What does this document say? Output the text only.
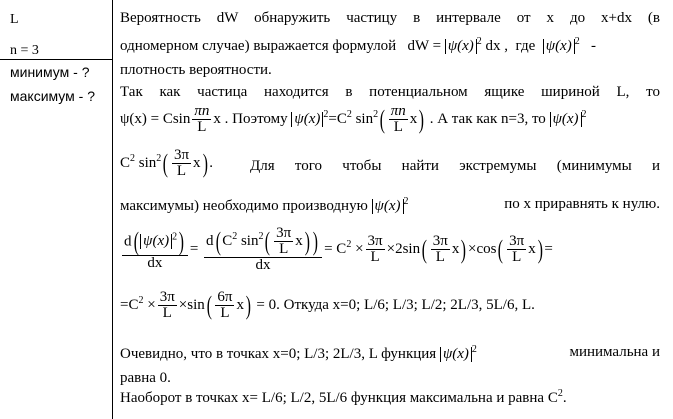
L
n = 3
минимум - ?
максимум - ?
Вероятность dW обнаружить частицу в интервале от x до x+dx (в
одномерном случае) выражается формулой dW = ψ(x) $^2$ dx , где ψ(x) $^2$ -
плотность вероятности.
Так как частица находится в потенциальном ящике шириной L, то
ψ(x) = Csin $\frac{\pi n}{L}$ x . Поэтому ψ(x) $^2=C^2$ $\sin^2( \frac{\pi n}{L} x)$ . А так как n=3, то ψ(x) $^2$
$C^2$ $\sin^2( \frac{3\pi}{L} x)$ . Для того чтобы найти экстремумы (минимумы и
максимумы) необходимо производную ψ(x) $^2$	по x приравнять к нулю.
$\frac{d( \psi(x) ^2)}{dx} = \frac{d( C^2 \sin^2( \frac{3\pi}{L} x) )}{dx} = C^2 \times \frac{3\pi}{L} \times 2\sin( \frac{3\pi}{L} x) \times\cos( \frac{3\pi}{L} x)$ =
$=C^2 \times \frac{3\pi}{L} \times\sin( \frac{6\pi}{L} x) = 0$. Откуда x=0; L/6; L/3; L/2; 2L/3, 5L/6, L.
Очевидно, что в точках x=0; L/3; 2L/3, L функция ψ(x) $^2$	минимальна и
равна 0.
Наоборот в точках x= L/6; L/2, 5L/6 функция максимальна и равна $C^2$.
